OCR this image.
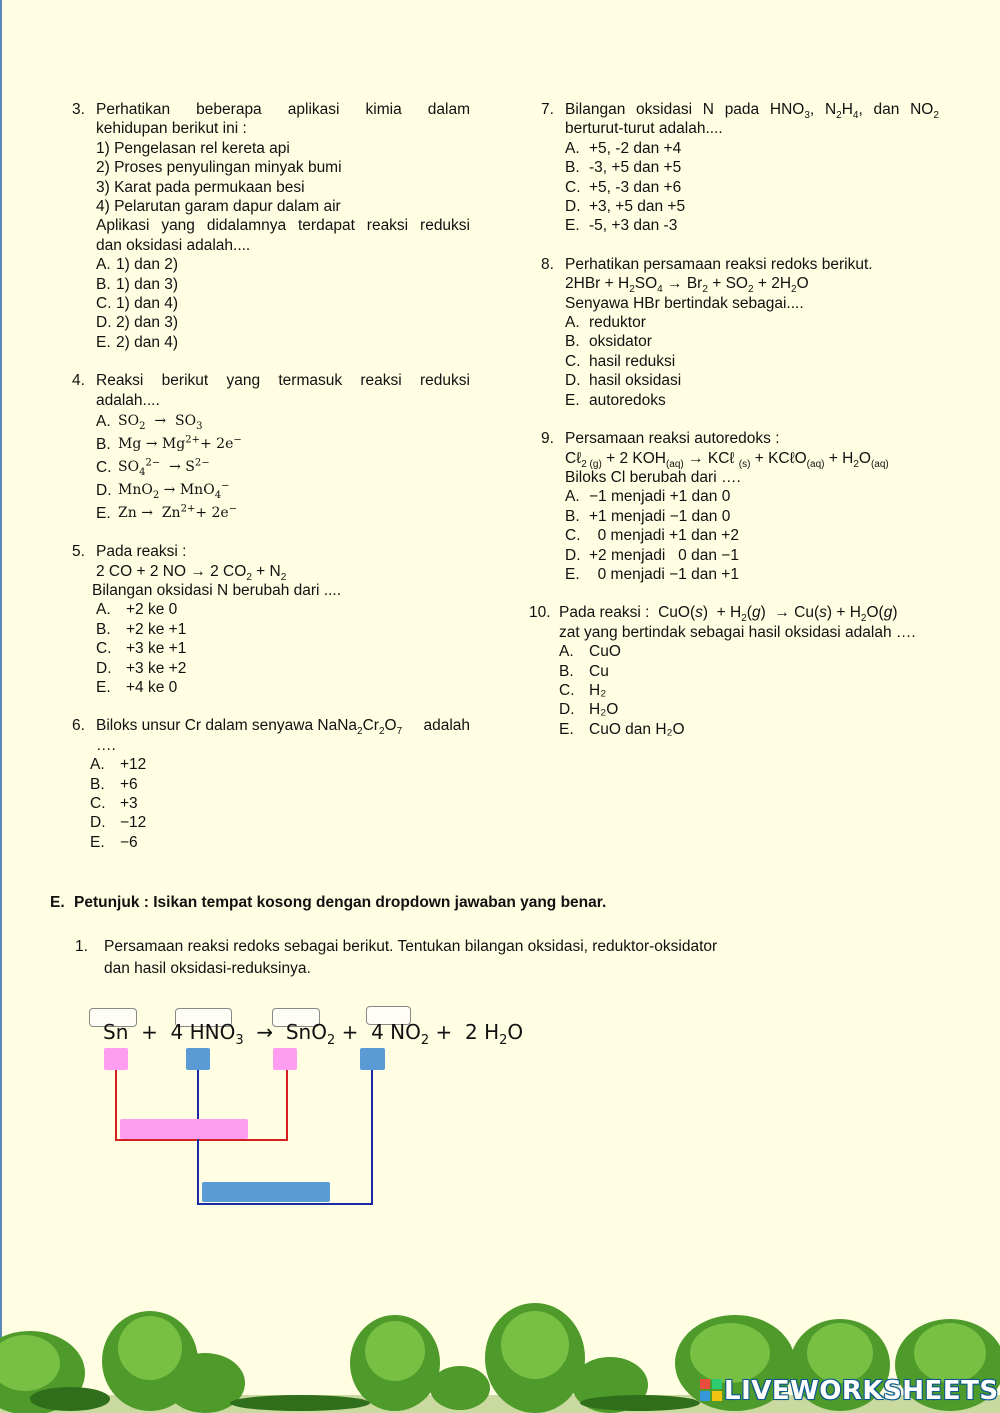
3. Perhatikan beberapa aplikasi kimia dalam
kehidupan berikut ini :
1) Pengelasan rel kereta api
2) Proses penyulingan minyak bumi
3) Karat pada permukaan besi
4) Pelarutan garam dapur dalam air
Aplikasi yang didalamnya terdapat reaksi reduksi
dan oksidasi adalah....
A. 1) dan 2)
B. 1) dan 3)
C. 1) dan 4)
D. 2) dan 3)
E. 2) dan 4)
4. Reaksi berikut yang termasuk reaksi reduksi
adalah....
A. $SO_2 \to SO_3$
B. $Mg \to Mg^{2+}+ 2e^-$
C. $SO_4^{2-} \to S^{2-}$
D. MnO$_2$ → MnO$_4$−
E. $Zn \to Zn^{2+}+ 2e^-$
5. Pada reaksi :
2 CO + 2 NO → 2 $CO_2 + N_2$
Bilangan oksidasi N berubah dari ....
A. +2 ke 0
B. +2 ke +1
C. +3 ke +1
D. +3 ke +2
E. +4 ke 0
6. Biloks unsur Cr dalam senyawa $NaNa_2Cr_2O_7$ adalah
….
A. +12
B. +6
C. +3
D. −12
E. −6
7. Bilangan oksidasi N pada $HNO_3$, $N_2H_4$, dan $NO_2$
berturut-turut adalah....
A. +5, -2 dan +4
B. -3, +5 dan +5
C. +5, -3 dan +6
D. +3, +5 dan +5
E. -5, +3 dan -3
8. Perhatikan persamaan reaksi redoks berikut.
$2HBr + H_2SO_4 \to Br_2 + SO_2 + 2H_2O$
Senyawa HBr bertindak sebagai....
A. reduktor
B. oksidator
C. hasil reduksi
D. hasil oksidasi
E. autoredoks
9. Persamaan reaksi autoredoks :
Cℓ$_{2 (g)}$ + 2 $KOH_{(aq)}$ → KCℓ $_{(s)}$ + KCℓO$_{(aq)}$ + $H_2O_{(aq)}$
Biloks Cl berubah dari ….
A. −1 menjadi +1 dan 0
B. +1 menjadi −1 dan 0
C. 0 menjadi +1 dan +2
D. +2 menjadi   0 dan −1
E. 0 menjadi −1 dan +1
10. Pada reaksi :  $CuO(s) + H_2(g) \to Cu(s) + H_2O(g)$
zat yang bertindak sebagai hasil oksidasi adalah ….
A. CuO
B. Cu
C. H₂
D. H₂O
E. CuO dan H₂O
E. Petunjuk : Isikan tempat kosong dengan dropdown jawaban yang benar.
1.	Persamaan reaksi redoks sebagai berikut. Tentukan bilangan oksidasi, reduktor-oksidator
dan hasil oksidasi-reduksinya.
Sn  +  4 $HNO_3 \to SnO_2 + 4$ $NO_2 + 2$ $H_2O$
LIVEWORKSHEETS
